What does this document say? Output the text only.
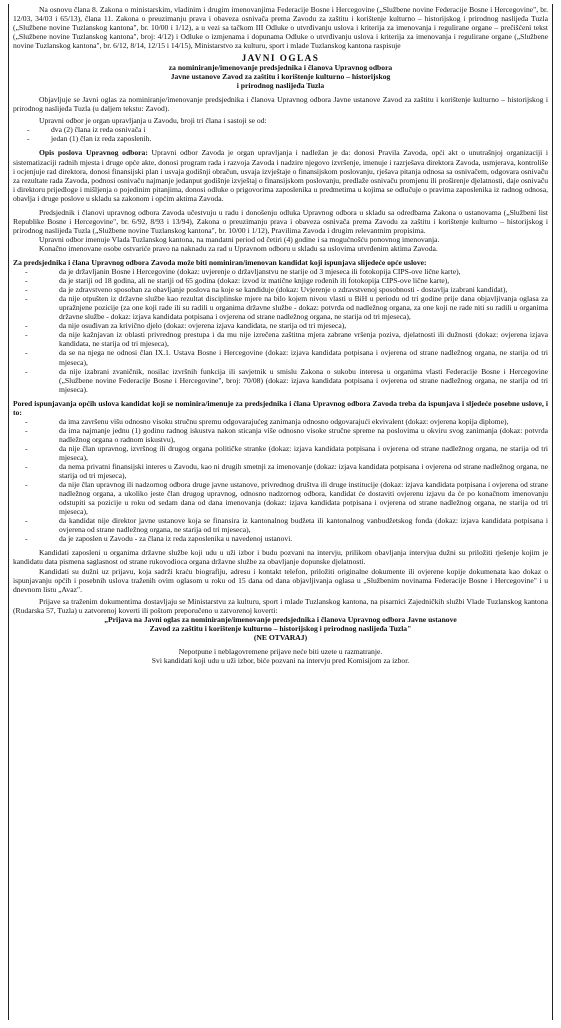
Na osnovu člana 8. Zakona o ministarskim, vladinim i drugim imenovanjima Federacije Bosne i Hercegovine („Službene novine Federacije Bosne i Hercegovine", br. 12/03, 34/03 i 65/13), člana 11. Zakona o preuzimanju prava i obaveza osnivača prema Zavodu za zaštitu i korištenje kulturno – historijskog i prirodnog naslijeđa Tuzla („Službene novine Tuzlanskog kantona", br. 10/00 i 1/12), a u vezi sa tačkom III Odluke o utvrđivanju uslova i kriterija za imenovanja i regulirane organe – prečišćeni tekst („Službene novine Tuzlanskog kantona", broj: 4/12) i Odluke o izmjenama i dopunama Odluke o utvrđivanju uslova i kriterija za imenovanja i regulirane organe („Službene novine Tuzlanskog kantona", br. 6/12, 8/14, 12/15 i 14/15), Ministarstvo za kulturu, sport i mlade Tuzlanskog kantona raspisuje

JAVNI OGLAS

za nominiranje/imenovanje predsjednika i članova Upravnog odbora

Javne ustanove Zavod za zaštitu i korištenje kulturno – historijskog

i prirodnog naslijeđa Tuzla

Objavljuje se Javni oglas za nominiranje/imenovanje predsjednika i članova Upravnog odbora Javne ustanove Zavod za zaštitu i korištenje kulturno – historijskog i prirodnog naslijeđa Tuzla (u daljem tekstu: Zavod).

Upravni odbor je organ upravljanja u Zavodu, broji tri člana i sastoji se od:

-	dva (2) člana iz reda osnivača i
-	jedan (1) član iz reda zaposlenih.

Opis poslova Upravnog odbora: Upravni odbor Zavoda je organ upravljanja i nadležan je da: donosi Pravila Zavoda, opći akt o unutrašnjoj organizaciji i sistematizaciji radnih mjesta i druge opće akte, donosi program rada i razvoja Zavoda i nadzire njegovo izvršenje, imenuje i razrješava direktora Zavoda, usmjerava, kontroliše i ocjenjuje rad direktora, donosi finansijski plan i usvaja godišnji obračun, usvaja izvještaje o finansijskom poslovanju, rješava pitanja odnosa sa osnivačem, odgovara osnivaču za rezultate rada Zavoda, podnosi osnivaču najmanje jedanput godišnje izvještaj o finansijskom poslovanju, predlaže osnivaču promjenu ili proširenje djelatnosti, daje osnivaču i direktoru prijedloge i mišljenja o pojedinim pitanjima, donosi odluke o prigovorima zaposlenika u predmetima u kojima se odlučuje o pravima zaposlenika iz radnog odnosa, obavlja i druge poslove u skladu sa zakonom i općim aktima Zavoda.

Predsjednik i članovi upravnog odbora Zavoda učestvuju u radu i donošenju odluka Upravnog odbora u skladu sa odredbama Zakona o ustanovama („Službeni list Republike Bosne i Hercegovine", br. 6/92, 8/93 i 13/94), Zakona o preuzimanju prava i obaveza osnivača prema Zavodu za zaštitu i korištenje kulturno – historijskog i prirodnog naslijeđa Tuzla („Službene novine Tuzlanskog kantona", br. 10/00 i 1/12), Pravilima Zavoda i drugim relevantnim propisima.

Upravni odbor imenuje Vlada Tuzlanskog kantona, na mandatni period od četiri (4) godine i sa mogućnošću ponovnog imenovanja.

Konačno imenovane osobe ostvariće pravo na naknadu za rad u Upravnom odboru u skladu sa uslovima utvrđenim aktima Zavoda.

Za predsjednika i člana Upravnog odbora Zavoda može biti nominiran/imenovan kandidat koji ispunjava slijedeće opće uslove:

-	da je državljanin Bosne i Hercegovine (dokaz: uvjerenje o državljanstvu ne starije od 3 mjeseca ili fotokopija CIPS-ove lične karte),
-	da je stariji od 18 godina, ali ne stariji od 65 godina (dokaz: izvod iz matične knjige rođenih ili fotokopija CIPS-ove lične karte),
-	da je zdravstveno sposoban za obavljanje poslova na koje se kandiduje (dokaz: Uvjerenje o zdravstvenoj sposobnosti - dostavlja izabrani kandidat),
-	da nije otpušten iz državne službe kao rezultat disciplinske mjere na bilo kojem nivou vlasti u BiH u periodu od tri godine prije dana objavljivanja oglasa za upražnjene pozicije (za one koji rade ili su radili u organima državne službe - dokaz: potvrda od nadležnog organa, za one koji ne rade niti su radili u organima državne službe - dokaz: izjava kandidata potpisana i ovjerena od strane nadležnog organa, ne starija od tri mjeseca),
-	da nije osuđivan za krivično djelo (dokaz: ovjerena izjava kandidata, ne starija od tri mjeseca),
-	da nije kažnjavan iz oblasti privrednog prestupa i da mu nije izrečena zaštitna mjera zabrane vršenja poziva, djelatnosti ili dužnosti (dokaz: ovjerena izjava kandidata, ne starija od tri mjeseca),
-	da se na njega ne odnosi član IX.1. Ustava Bosne i Hercegovine (dokaz: izjava kandidata potpisana i ovjerena od strane nadležnog organa, ne starija od tri mjeseca),
-	da nije izabrani zvaničnik, nosilac izvršnih funkcija ili savjetnik u smislu Zakona o sukobu interesa u organima vlasti Federacije Bosne i Hercegovine („Službene novine Federacije Bosne i Hercegovine", broj: 70/08) (dokaz: izjava kandidata potpisana i ovjerena od strane nadležnog organa, ne starija od tri mjeseca).

Pored ispunjavanja općih uslova kandidat koji se nominira/imenuje za predsjednika i člana Upravnog odbora Zavoda treba da ispunjava i sljedeće posebne uslove, i to:

-	da ima završenu višu odnosno visoku stručnu spremu odgovarajućeg zanimanja odnosno odgovarajući ekvivalent (dokaz: ovjerena kopija diplome),
-	da ima najmanje jednu (1) godinu radnog iskustva nakon sticanja više odnosno visoke stručne spreme na poslovima u okviru svog zanimanja (dokaz: potvrda nadležnog organa o radnom iskustvu),
-	da nije član upravnog, izvršnog ili drugog organa političke stranke (dokaz: izjava kandidata potpisana i ovjerena od strane nadležnog organa, ne starija od tri mjeseca),
-	da nema privatni finansijski interes u Zavodu, kao ni drugih smetnji za imenovanje (dokaz: izjava kandidata potpisana i ovjerena od strane nadležnog organa, ne starija od tri mjeseca),
-	da nije član upravnog ili nadzornog odbora druge javne ustanove, privrednog društva ili druge institucije (dokaz: izjava kandidata potpisana i ovjerena od strane nadležnog organa, a ukoliko jeste član drugog upravnog, odnosno nadzornog odbora, kandidat će dostaviti ovjerenu izjavu da će po konačnom imenovanju odstupiti sa pozicije u roku od sedam dana od dana imenovanja (dokaz: izjava kandidata potpisana i ovjerena od strane nadležnog organa, ne starija od tri mjeseca),
-	da kandidat nije direktor javne ustanove koja se finansira iz kantonalnog budžeta ili kantonalnog vanbudžetskog fonda (dokaz: izjava kandidata potpisana i ovjerena od strane nadležnog organa, ne starija od tri mjeseca),
-	da je zaposlen u Zavodu - za člana iz reda zaposlenika u navedenoj ustanovi.

Kandidati zaposleni u organima državne službe koji udu u uži izbor i budu pozvani na intervju, prilikom obavljanja intervjua dužni su priložiti rješenje kojim je kandidatu data pismena saglasnost od strane rukovodioca organa državne službe za obavljanje dopunske djelatnosti.

Kandidati su dužni uz prijavu, koja sadrži kraću biografiju, adresu i kontakt telefon, priložiti originalne dokumente ili ovjerene kopije dokumenata kao dokaz o ispunjavanju općih i posebnih uslova traženih ovim oglasom u roku od 15 dana od dana objavljivanja oglasa u „Službenim novinama Federacije Bosne i Hercegovine" i u dnevnom listu „Avaz".

Prijave sa traženim dokumentima dostavljaju se Ministarstvu za kulturu, sport i mlade Tuzlanskog kantona, na pisarnici Zajedničkih službi Vlade Tuzlanskog kantona (Rudarska 57, Tuzla) u zatvorenoj koverti ili poštom preporučeno u zatvorenoj koverti:

„Prijava na Javni oglas za nominiranje/imenovanje predsjednika i članova Upravnog odbora Javne ustanove

Zavod za zaštitu i korištenje kulturno – historijskog i prirodnog naslijeđa Tuzla"

(NE OTVARAJ)

Nepotpune i neblagovremene prijave neće biti uzete u razmatranje.

Svi kandidati koji udu u uži izbor, biće pozvani na intervju pred Komisijom za izbor.
